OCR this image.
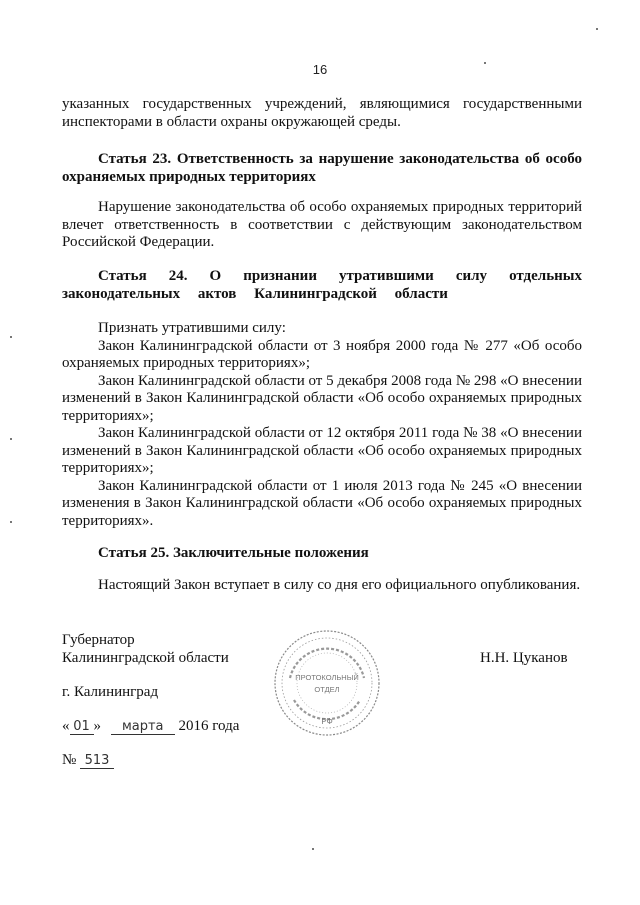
16

указанных государственных учреждений, являющимися государственными инспекторами в области охраны окружающей среды.

Статья 23. Ответственность за нарушение законодательства об особо охраняемых природных территориях

Нарушение законодательства об особо охраняемых природных территорий влечет ответственность в соответствии с действующим законодательством Российской Федерации.

Статья 24. О признании утратившими силу отдельных законодательных актов Калининградской области

Признать утратившими силу:

Закон Калининградской области от 3 ноября 2000 года № 277 «Об особо охраняемых природных территориях»;

Закон Калининградской области от 5 декабря 2008 года № 298 «О внесении изменений в Закон Калининградской области «Об особо охраняемых природных территориях»;

Закон Калининградской области от 12 октября 2011 года № 38 «О внесении изменений в Закон Калининградской области «Об особо охраняемых природных территориях»;

Закон Калининградской области от 1 июля 2013 года № 245 «О внесении изменения в Закон Калининградской области «Об особо охраняемых природных территориях».

Статья 25. Заключительные положения

Настоящий Закон вступает в силу со дня его официального опубликования.

Губернатор

Калининградской области	Н.Н. Цуканов

г. Калининград

« 01 » марта 2016 года

№ 513

ПРОТОКОЛЬНЫЙ
ОТДЕЛ
РФ
